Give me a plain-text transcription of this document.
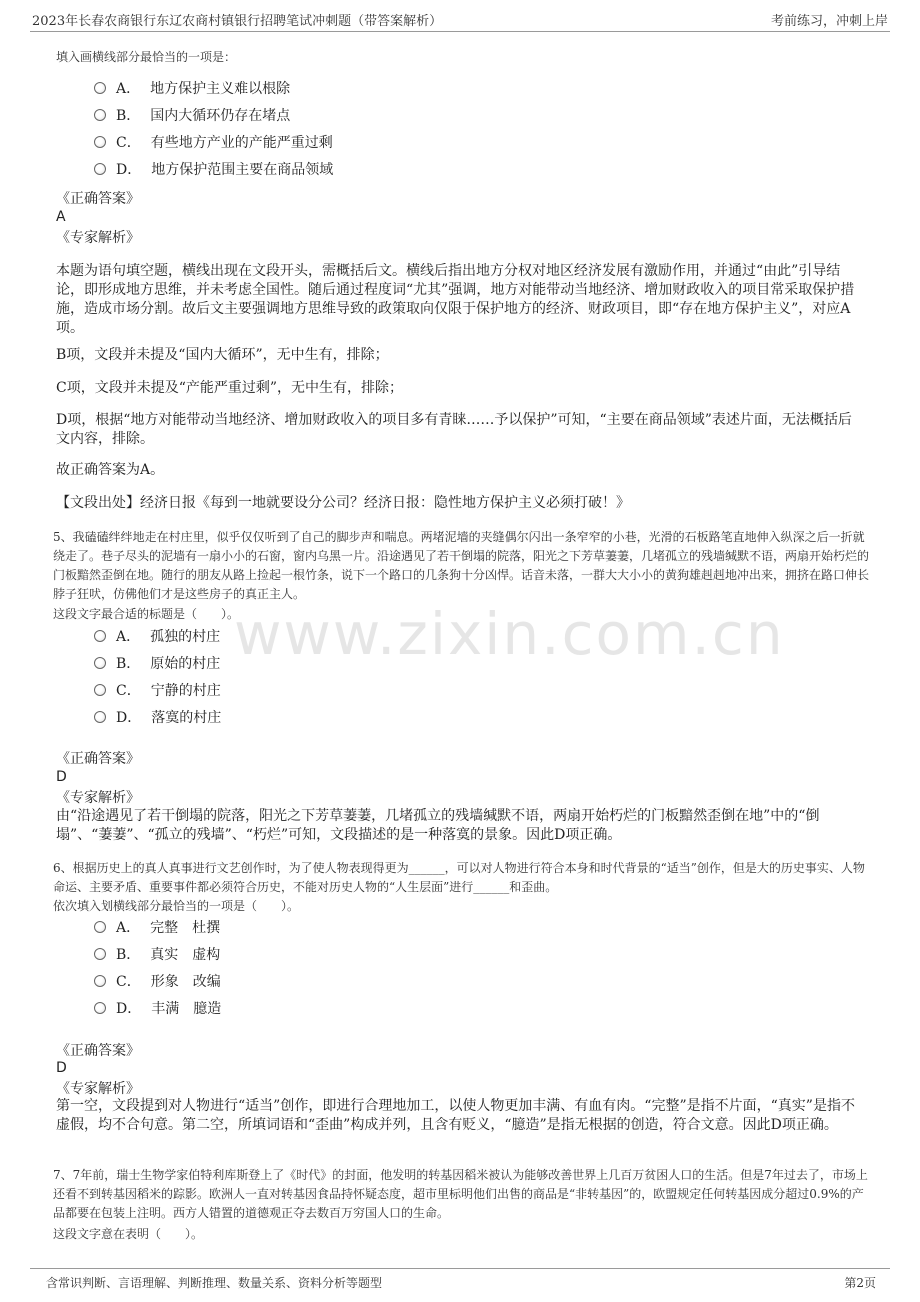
2023年长春农商银行东辽农商村镇银行招聘笔试冲刺题（带答案解析）	考前练习，冲刺上岸
www.zixin.com.cn
填入画横线部分最恰当的一项是：
A． 地方保护主义难以根除
B． 国内大循环仍存在堵点
C． 有些地方产业的产能严重过剩
D． 地方保护范围主要在商品领域
《正确答案》
A
《专家解析》
本题为语句填空题，横线出现在文段开头，需概括后文。横线后指出地方分权对地区经济发展有激励作用，并通过“由此”引导结论，即形成地方思维，并未考虑全国性。随后通过程度词“尤其”强调，地方对能带动当地经济、增加财政收入的项目常采取保护措施，造成市场分割。故后文主要强调地方思维导致的政策取向仅限于保护地方的经济、财政项目，即“存在地方保护主义”，对应A项。
B项，文段并未提及“国内大循环”，无中生有，排除；
C项，文段并未提及“产能严重过剩”，无中生有，排除；
D项，根据“地方对能带动当地经济、增加财政收入的项目多有青睐……予以保护”可知，“主要在商品领域”表述片面，无法概括后文内容，排除。
故正确答案为A。
【文段出处】经济日报《每到一地就要设分公司？经济日报：隐性地方保护主义必须打破！》
5、我磕磕绊绊地走在村庄里，似乎仅仅听到了自己的脚步声和喘息。两堵泥墙的夹缝偶尔闪出一条窄窄的小巷，光滑的石板路笔直地伸入纵深之后一折就绕走了。巷子尽头的泥墙有一扇小小的石窗，窗内乌黑一片。沿途遇见了若干倒塌的院落，阳光之下芳草萋萋，几堵孤立的残墙缄默不语，两扇开始朽烂的门板黯然歪倒在地。随行的朋友从路上捡起一根竹条，说下一个路口的几条狗十分凶悍。话音未落，一群大大小小的黄狗雄赳赳地冲出来，拥挤在路口伸长脖子狂吠，仿佛他们才是这些房子的真正主人。
这段文字最合适的标题是（　　）。
A． 孤独的村庄
B． 原始的村庄
C． 宁静的村庄
D． 落寞的村庄
《正确答案》
D
《专家解析》
由“沿途遇见了若干倒塌的院落，阳光之下芳草萋萋，几堵孤立的残墙缄默不语，两扇开始朽烂的门板黯然歪倒在地”中的“倒塌”、“萋萋”、“孤立的残墙”、“朽烂”可知，文段描述的是一种落寞的景象。因此D项正确。
6、根据历史上的真人真事进行文艺创作时，为了使人物表现得更为______，可以对人物进行符合本身和时代背景的“适当”创作，但是大的历史事实、人物命运、主要矛盾、重要事件都必须符合历史，不能对历史人物的“人生层面”进行______和歪曲。
依次填入划横线部分最恰当的一项是（　　）。
A． 完整　杜撰
B． 真实　虚构
C． 形象　改编
D． 丰满　臆造
《正确答案》
D
《专家解析》
第一空，文段提到对人物进行“适当”创作，即进行合理地加工，以使人物更加丰满、有血有肉。“完整”是指不片面，“真实”是指不虚假，均不合句意。第二空，所填词语和“歪曲”构成并列，且含有贬义，“臆造”是指无根据的创造，符合文意。因此D项正确。
7、7年前，瑞士生物学家伯特利库斯登上了《时代》的封面，他发明的转基因稻米被认为能够改善世界上几百万贫困人口的生活。但是7年过去了，市场上还看不到转基因稻米的踪影。欧洲人一直对转基因食品持怀疑态度，超市里标明他们出售的商品是“非转基因”的，欧盟规定任何转基因成分超过0.9%的产品都要在包装上注明。西方人错置的道德观正夺去数百万穷国人口的生命。
这段文字意在表明（　　）。
含常识判断、言语理解、判断推理、数量关系、资料分析等题型	第2页
